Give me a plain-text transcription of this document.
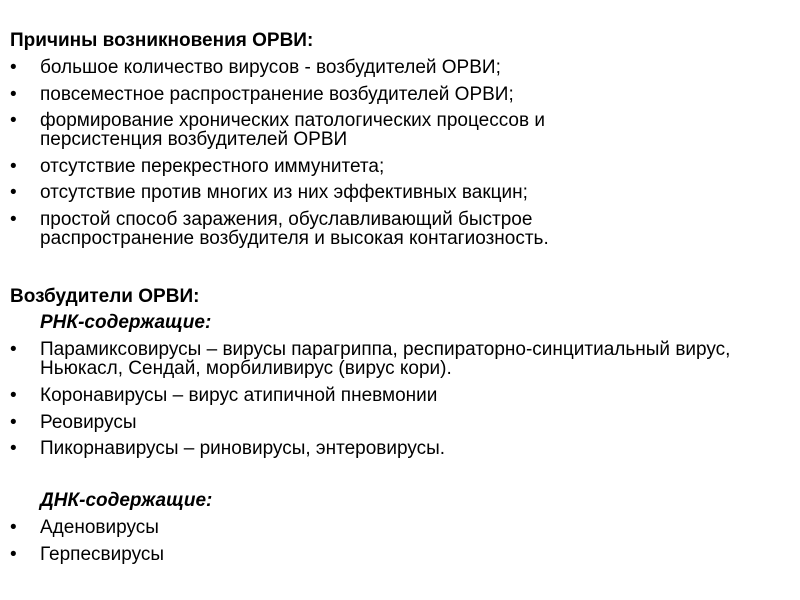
Причины возникновения ОРВИ:
•	большое количество вирусов - возбудителей ОРВИ;
•	повсеместное распространение возбудителей ОРВИ;
•	формирование хронических патологических процессов и персистенция возбудителей ОРВИ
•	отсутствие перекрестного иммунитета;
•	отсутствие против многих из них эффективных вакцин;
•	простой способ заражения, обуславливающий быстрое распространение возбудителя и высокая контагиозность.
Возбудители ОРВИ:
РНК-содержащие:
•	Парамиксовирусы – вирусы парагриппа, респираторно-синцитиальный вирус, Ньюкасл, Сендай, морбиливирус (вирус кори).
•	Коронавирусы – вирус атипичной пневмонии
•	Реовирусы
•	Пикорнавирусы – риновирусы, энтеровирусы.
ДНК-содержащие:
•	Аденовирусы
•	Герпесвирусы
